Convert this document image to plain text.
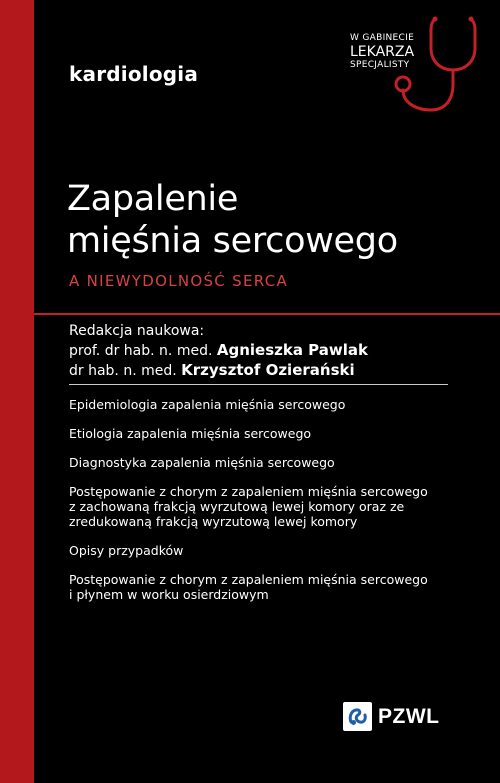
kardiologia
W GABINECIE
LEKARZA
SPECJALISTY
Zapalenie
mięśnia sercowego
A NIEWYDOLNOŚĆ SERCA
Redakcja naukowa:
prof. dr hab. n. med. Agnieszka Pawlak
dr hab. n. med. Krzysztof Ozierański
Epidemiologia zapalenia mięśnia sercowego
Etiologia zapalenia mięśnia sercowego
Diagnostyka zapalenia mięśnia sercowego
Postępowanie z chorym z zapaleniem mięśnia sercowego
z zachowaną frakcją wyrzutową lewej komory oraz ze
zredukowaną frakcją wyrzutową lewej komory
Opisy przypadków
Postępowanie z chorym z zapaleniem mięśnia sercowego
i płynem w worku osierdziowym
PZWL
